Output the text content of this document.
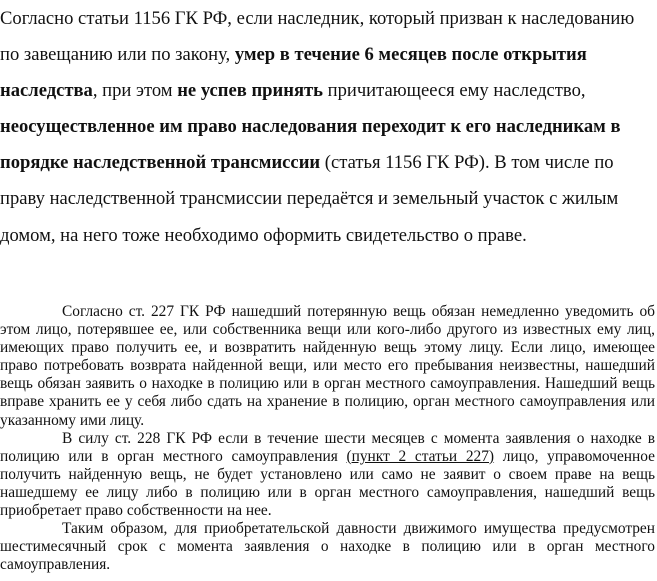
Согласно статьи 1156 ГК РФ, если наследник, который призван к наследованию по завещанию или по закону, умер в течение 6 месяцев после открытия наследства, при этом не успев принять причитающееся ему наследство, неосуществленное им право наследования переходит к его наследникам в порядке наследственной трансмиссии (статья 1156 ГК РФ). В том числе по праву наследственной трансмиссии передаётся и земельный участок с жилым домом, на него тоже необходимо оформить свидетельство о праве.

Согласно ст. 227 ГК РФ нашедший потерянную вещь обязан немедленно уведомить об этом лицо, потерявшее ее, или собственника вещи или кого-либо другого из известных ему лиц, имеющих право получить ее, и возвратить найденную вещь этому лицу. Если лицо, имеющее право потребовать возврата найденной вещи, или место его пребывания неизвестны, нашедший вещь обязан заявить о находке в полицию или в орган местного самоуправления. Нашедший вещь вправе хранить ее у себя либо сдать на хранение в полицию, орган местного самоуправления или указанному ими лицу.

В силу ст. 228 ГК РФ если в течение шести месяцев с момента заявления о находке в полицию или в орган местного самоуправления (пункт 2 статьи 227) лицо, управомоченное получить найденную вещь, не будет установлено или само не заявит о своем праве на вещь нашедшему ее лицу либо в полицию или в орган местного самоуправления, нашедший вещь приобретает право собственности на нее.

Таким образом, для приобретательской давности движимого имущества предусмотрен шестимесячный срок с момента заявления о находке в полицию или в орган местного самоуправления.
